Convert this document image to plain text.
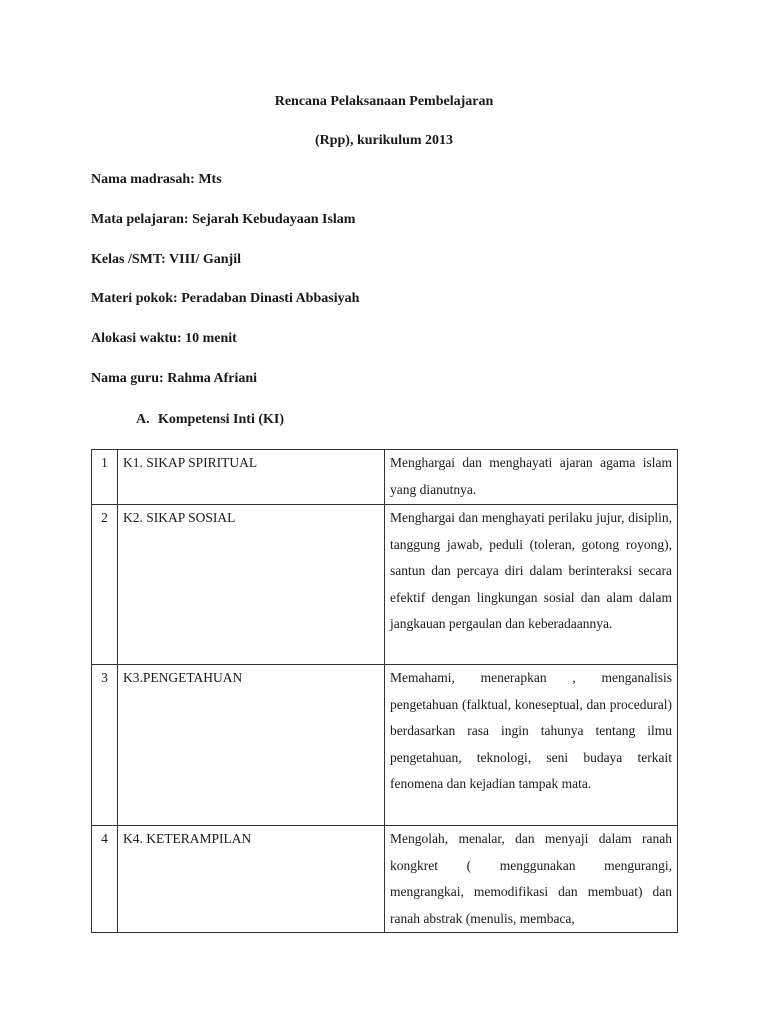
Rencana Pelaksanaan Pembelajaran
(Rpp), kurikulum 2013
Nama madrasah: Mts
Mata pelajaran: Sejarah Kebudayaan Islam
Kelas /SMT: VIII/ Ganjil
Materi pokok: Peradaban Dinasti Abbasiyah
Alokasi waktu: 10 menit
Nama guru: Rahma Afriani
A. Kompetensi Inti (KI)
1	K1. SIKAP SPIRITUAL	Menghargai dan menghayati ajaran agama islam yang dianutnya.
2	K2. SIKAP SOSIAL	Menghargai dan menghayati perilaku jujur, disiplin, tanggung jawab, peduli (toleran, gotong royong), santun dan percaya diri dalam berinteraksi secara efektif dengan lingkungan sosial dan alam dalam jangkauan pergaulan dan keberadaannya.
3	K3.PENGETAHUAN	Memahami, menerapkan , menganalisis pengetahuan (falktual, koneseptual, dan procedural) berdasarkan rasa ingin tahunya tentang ilmu pengetahuan, teknologi, seni budaya terkait fenomena dan kejadian tampak mata.
4	K4. KETERAMPILAN	Mengolah, menalar, dan menyaji dalam ranah kongkret ( menggunakan mengurangi, mengrangkai, memodifikasi dan membuat) dan ranah abstrak (menulis, membaca,
